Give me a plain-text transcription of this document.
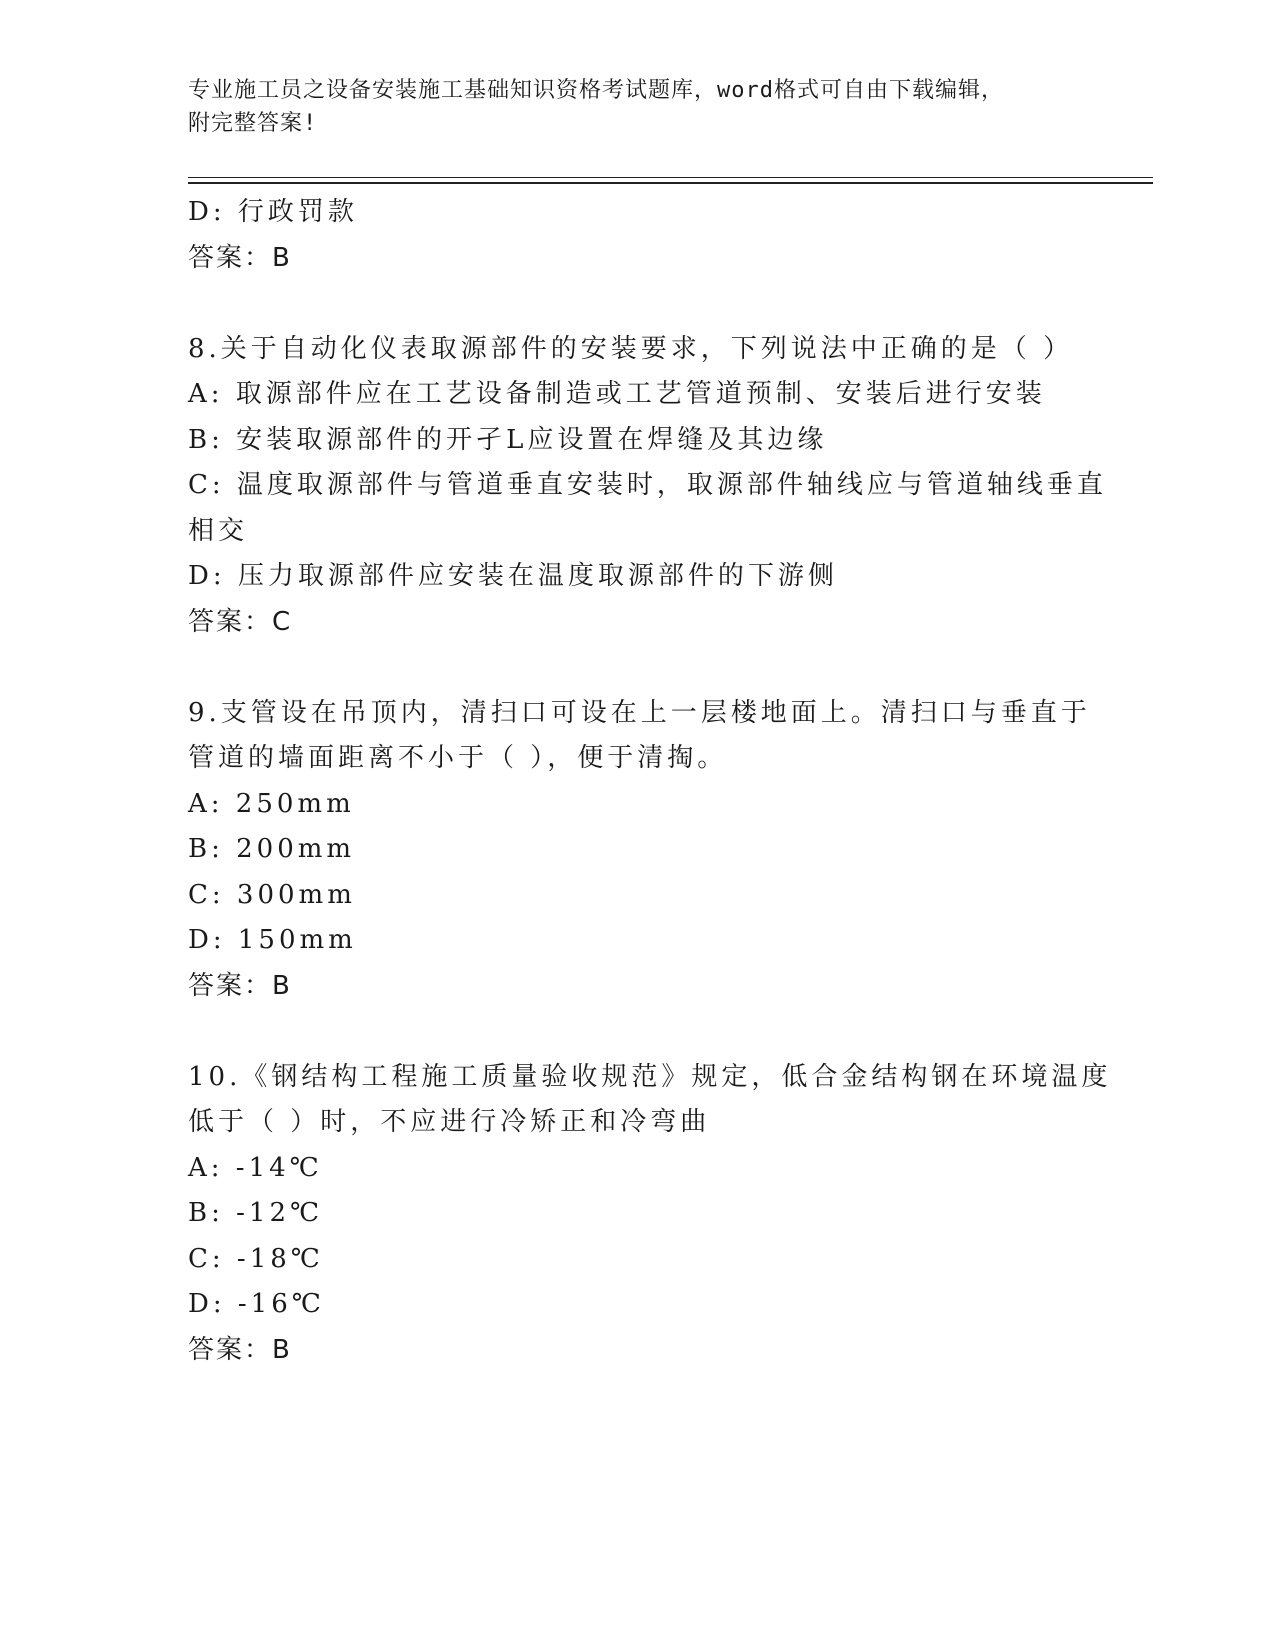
专业施工员之设备安装施工基础知识资格考试题库，word格式可自由下载编辑，
附完整答案!
D: 行政罚款
答案：B
8.关于自动化仪表取源部件的安装要求，下列说法中正确的是（ ）
A: 取源部件应在工艺设备制造或工艺管道预制、安装后进行安装
B: 安装取源部件的开孑L应设置在焊缝及其边缘
C: 温度取源部件与管道垂直安装时，取源部件轴线应与管道轴线垂直
相交
D: 压力取源部件应安装在温度取源部件的下游侧
答案：C
9.支管设在吊顶内，清扫口可设在上一层楼地面上。清扫口与垂直于
管道的墙面距离不小于（ ），便于清掏。
A: 250mm
B: 200mm
C: 300mm
D: 150mm
答案：B
10.《钢结构工程施工质量验收规范》规定，低合金结构钢在环境温度
低于（ ）时，不应进行冷矫正和冷弯曲
A: -14℃
B: -12℃
C: -18℃
D: -16℃
答案：B
